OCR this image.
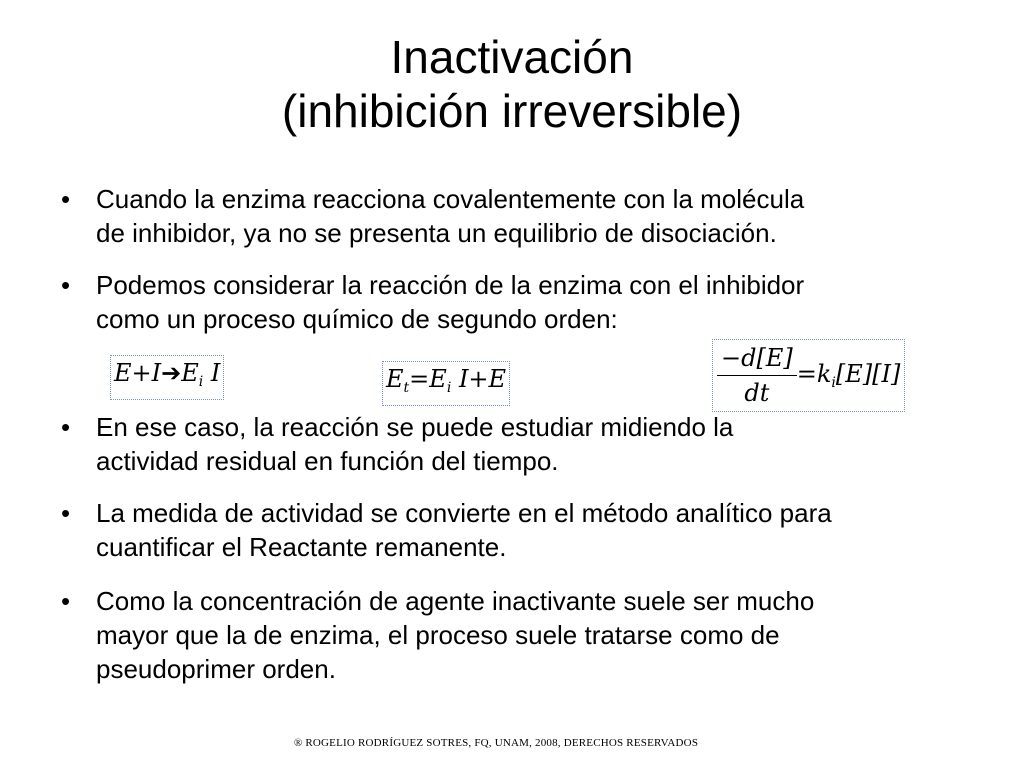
Inactivación
(inhibición irreversible)
• Cuando la enzima reacciona covalentemente con la molécula
de inhibidor, ya no se presenta un equilibrio de disociación.
• Podemos considerar la reacción de la enzima con el inhibidor
como un proceso químico de segundo orden:
• En ese caso, la reacción se puede estudiar midiendo la
actividad residual en función del tiempo.
• La medida de actividad se convierte en el método analítico para
cuantificar el Reactante remanente.
• Como la concentración de agente inactivante suele ser mucho
mayor que la de enzima, el proceso suele tratarse como de
pseudoprimer orden.
$E+I➔E_i$ I	$E_t=E_i$ I+E	$\frac{-d[E]}{dt} =k_i[E][I]$
® ROGELIO RODRÍGUEZ SOTRES, FQ, UNAM, 2008, DERECHOS RESERVADOS
